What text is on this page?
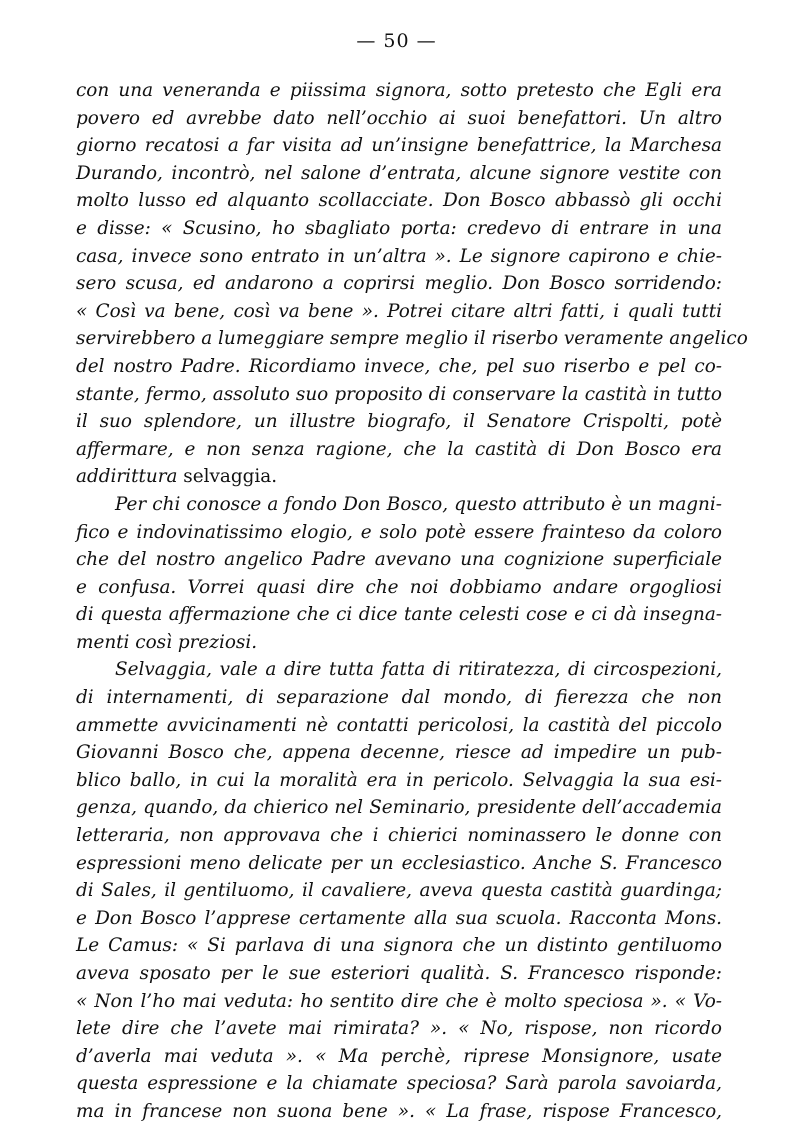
— 50 —
con una veneranda e piissima signora, sotto pretesto che Egli era
povero ed avrebbe dato nell’occhio ai suoi benefattori. Un altro
giorno recatosi a far visita ad un’insigne benefattrice, la Marchesa
Durando, incontrò, nel salone d’entrata, alcune signore vestite con
molto lusso ed alquanto scollacciate. Don Bosco abbassò gli occhi
e disse: « Scusino, ho sbagliato porta: credevo di entrare in una
casa, invece sono entrato in un’altra ». Le signore capirono e chie-
sero scusa, ed andarono a coprirsi meglio. Don Bosco sorridendo:
« Così va bene, così va bene ». Potrei citare altri fatti, i quali tutti
servirebbero a lumeggiare sempre meglio il riserbo veramente angelico
del nostro Padre. Ricordiamo invece, che, pel suo riserbo e pel co-
stante, fermo, assoluto suo proposito di conservare la castità in tutto
il suo splendore, un illustre biografo, il Senatore Crispolti, potè
affermare, e non senza ragione, che la castità di Don Bosco era
addirittura selvaggia.
Per chi conosce a fondo Don Bosco, questo attributo è un magni-
fico e indovinatissimo elogio, e solo potè essere frainteso da coloro
che del nostro angelico Padre avevano una cognizione superficiale
e confusa. Vorrei quasi dire che noi dobbiamo andare orgogliosi
di questa affermazione che ci dice tante celesti cose e ci dà insegna-
menti così preziosi.
Selvaggia, vale a dire tutta fatta di ritiratezza, di circospezioni,
di internamenti, di separazione dal mondo, di fierezza che non
ammette avvicinamenti nè contatti pericolosi, la castità del piccolo
Giovanni Bosco che, appena decenne, riesce ad impedire un pub-
blico ballo, in cui la moralità era in pericolo. Selvaggia la sua esi-
genza, quando, da chierico nel Seminario, presidente dell’accademia
letteraria, non approvava che i chierici nominassero le donne con
espressioni meno delicate per un ecclesiastico. Anche S. Francesco
di Sales, il gentiluomo, il cavaliere, aveva questa castità guardinga;
e Don Bosco l’apprese certamente alla sua scuola. Racconta Mons.
Le Camus: « Si parlava di una signora che un distinto gentiluomo
aveva sposato per le sue esteriori qualità. S. Francesco risponde:
« Non l’ho mai veduta: ho sentito dire che è molto speciosa ». « Vo-
lete dire che l’avete mai rimirata? ». « No, rispose, non ricordo
d’averla mai veduta ». « Ma perchè, riprese Monsignore, usate
questa espressione e la chiamate speciosa? Sarà parola savoiarda,
ma in francese non suona bene ». « La frase, rispose Francesco,
